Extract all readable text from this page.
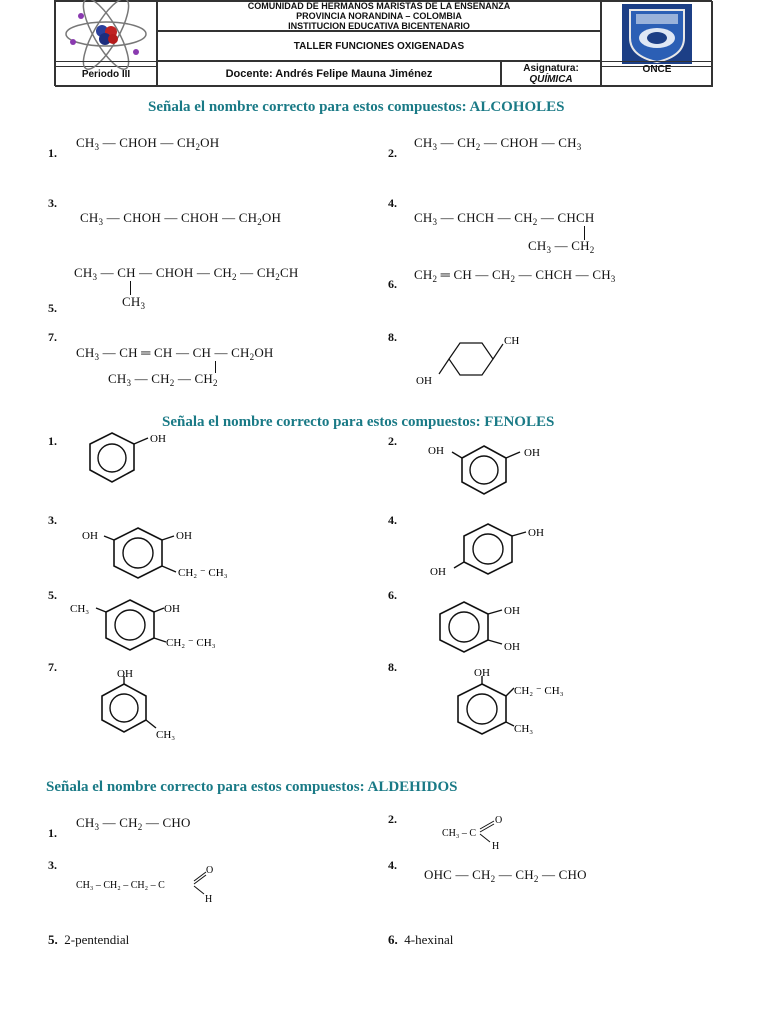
COMUNIDAD DE HERMANOS MARISTAS DE LA ENSEÑANZA
PROVINCIA NORANDINA – COLOMBIA
INSTITUCION EDUCATIVA BICENTENARIO
TALLER FUNCIONES OXIGENADAS
Periodo III	Docente: Andrés Felipe Mauna Jiménez	Asignatura:
QUÍMICA
ONCE
Señala el nombre correcto para estos compuestos: ALCOHOLES
1.
$CH_3$ — CHOH — $CH_2OH$
2.
$CH_3$ — $CH_2$ — CHOH — $CH_3$
3.
$CH_3$ — CHOH — CHOH — $CH_2OH$
4.
$CH_3$ — CHCH — $CH_2$ — CHCH
$CH_3$ — $CH_2$
$CH_3$ — CH — CHOH — $CH_2$ — $CH_2CH$
$CH_3$
5.
6.
$CH_2$ ═ CH — $CH_2$ — CHCH — $CH_3$
7.
$CH_3$ — CH ═ CH — CH — $CH_2OH$
$CH_3$ — $CH_2$ — $CH_2$
8.	CH
OH
Señala el nombre correcto para estos compuestos: FENOLES
1.	OH	2.
OH	OH
3.
OH	OH
CH₂ ⁻ CH₃
4.
OH
OH
5.
CH₃	OH
CH₂ ⁻ CH₃
6.
OH
OH
7.	OH
CH₃
8.	OH
CH₂ ⁻ CH₃
CH₃
Señala el nombre correcto para estos compuestos: ALDEHIDOS
1.
$CH_3$ — $CH_2$ — CHO	2.
CH₃ – C
O
H
3.
CH₃ – CH₂ – CH₂ – C
O
H
4.
OHC — $CH_2$ — $CH_2$ — CHO
5. 2-pentendial	6. 4-hexinal
